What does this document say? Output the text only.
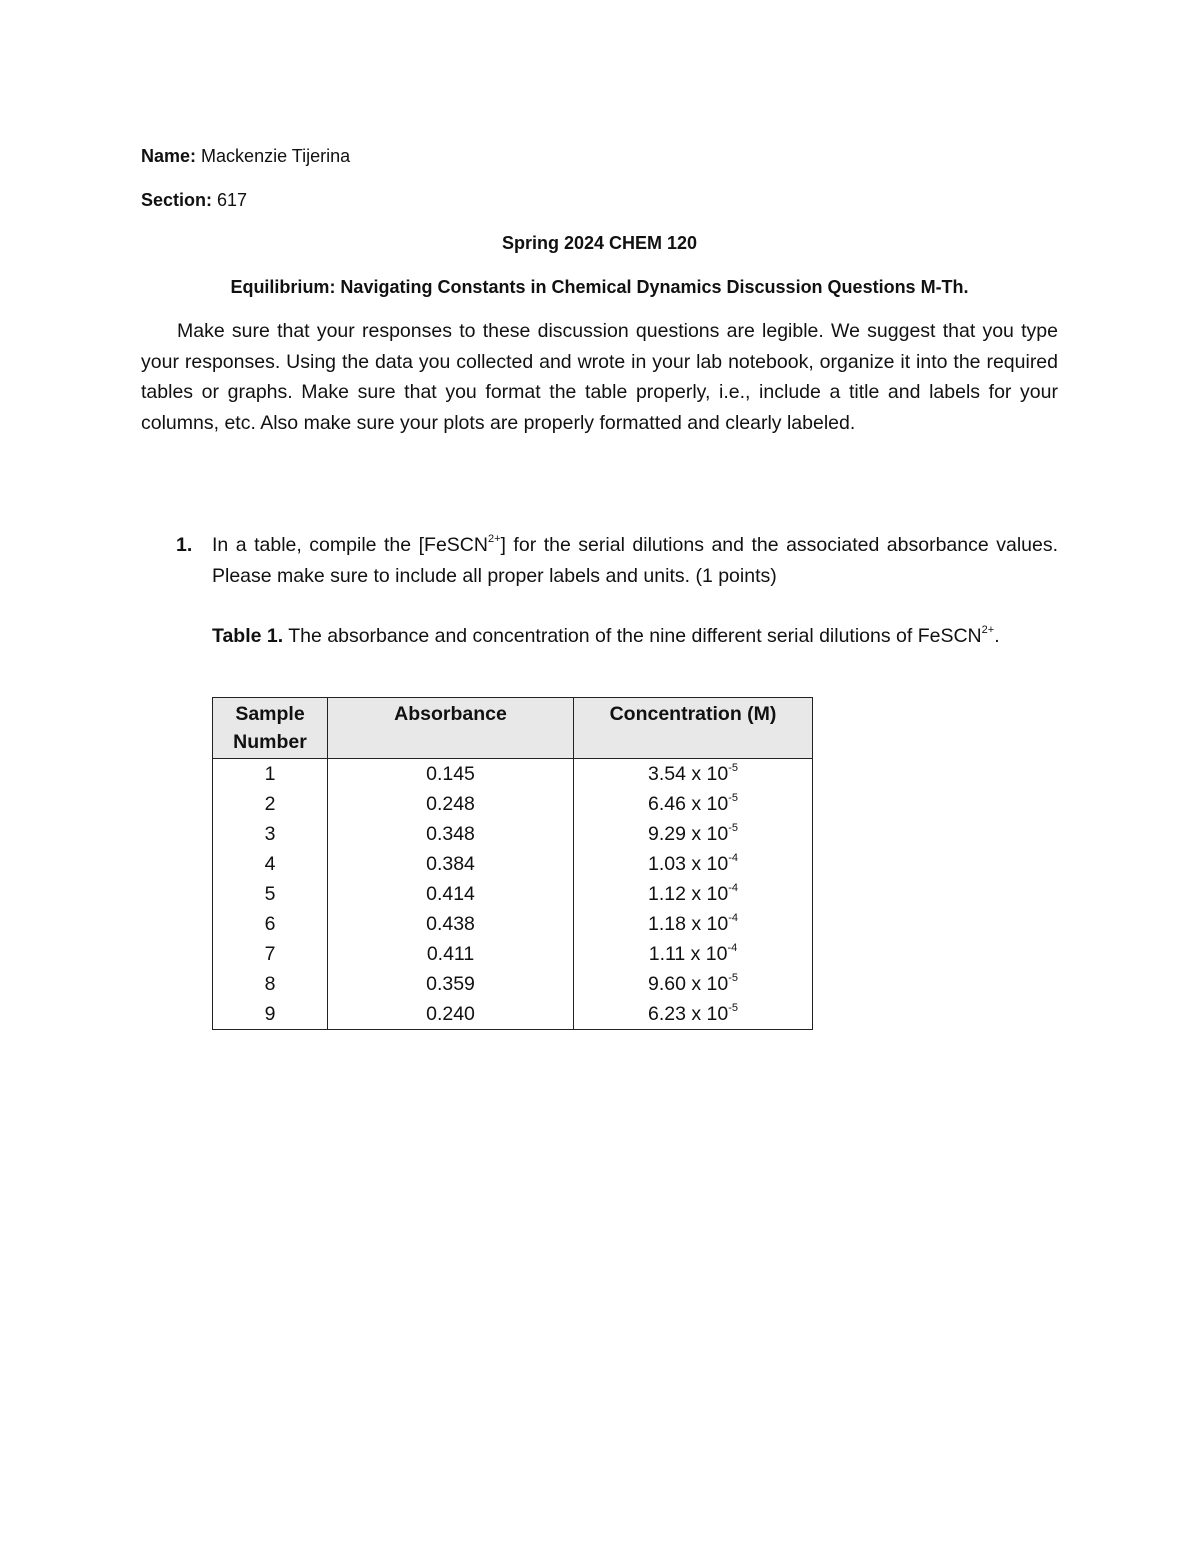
Name: Mackenzie Tijerina
Section: 617
Spring 2024 CHEM 120
Equilibrium: Navigating Constants in Chemical Dynamics Discussion Questions M-Th.

Make sure that your responses to these discussion questions are legible. We suggest that you type your responses. Using the data you collected and wrote in your lab notebook, organize it into the required tables or graphs. Make sure that you format the table properly, i.e., include a title and labels for your columns, etc. Also make sure your plots are properly formatted and clearly labeled.

1. In a table, compile the [FeSCN$^{2+}$] for the serial dilutions and the associated absorbance values. Please make sure to include all proper labels and units. (1 points)
Table 1. The absorbance and concentration of the nine different serial dilutions of FeSCN$^{2+}$.
Sample Number	Absorbance	Concentration (M)
1	0.145	3.54 x $10^{-5}$
2	0.248	6.46 x $10^{-5}$
3	0.348	9.29 x $10^{-5}$
4	0.384	1.03 x $10^{-4}$
5	0.414	1.12 x $10^{-4}$
6	0.438	1.18 x $10^{-4}$
7	0.411	1.11 x $10^{-4}$
8	0.359	9.60 x $10^{-5}$
9	0.240	6.23 x $10^{-5}$
